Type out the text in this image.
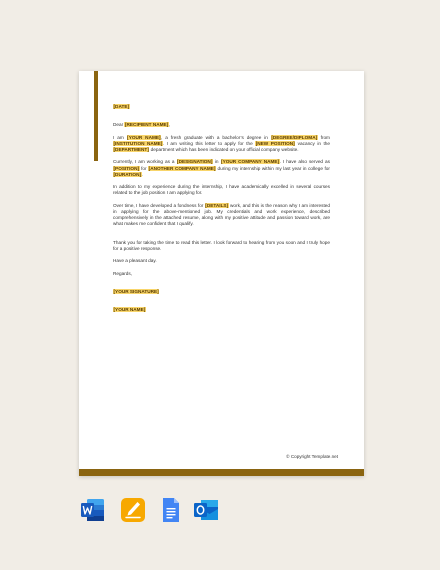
[DATE]

Dear [RECIPIENT NAME],

I am [YOUR NAME], a fresh graduate with a bachelor’s degree in [DEGREE/DIPLOMA] from [INSTITUTION NAME]. I am writing this letter to apply for the [NEW POSITION] vacancy in the [DEPARTMENT] department which has been indicated on your official company website.

Currently, I am working as a [DESIGNATION] in [YOUR COMPANY NAME]. I have also served as [POSITION] for [ANOTHER COMPANY NAME] during my internship within my last year in college for [DURATION].

In addition to my experience during the internship, I have academically excelled in several courses related to the job position I am applying for.

Over time, I have developed a fondness for [DETAILS] work, and this is the reason why I am interested in applying for the above-mentioned job. My credentials and work experience, described comprehensively in the attached resume, along with my positive attitude and passion toward work, are what makes me confident that I qualify.

Thank you for taking the time to read this letter. I look forward to hearing from you soon and I truly hope for a positive response.

Have a pleasant day.

Regards,

[YOUR SIGNATURE]

[YOUR NAME]

© Copyright Template.net
